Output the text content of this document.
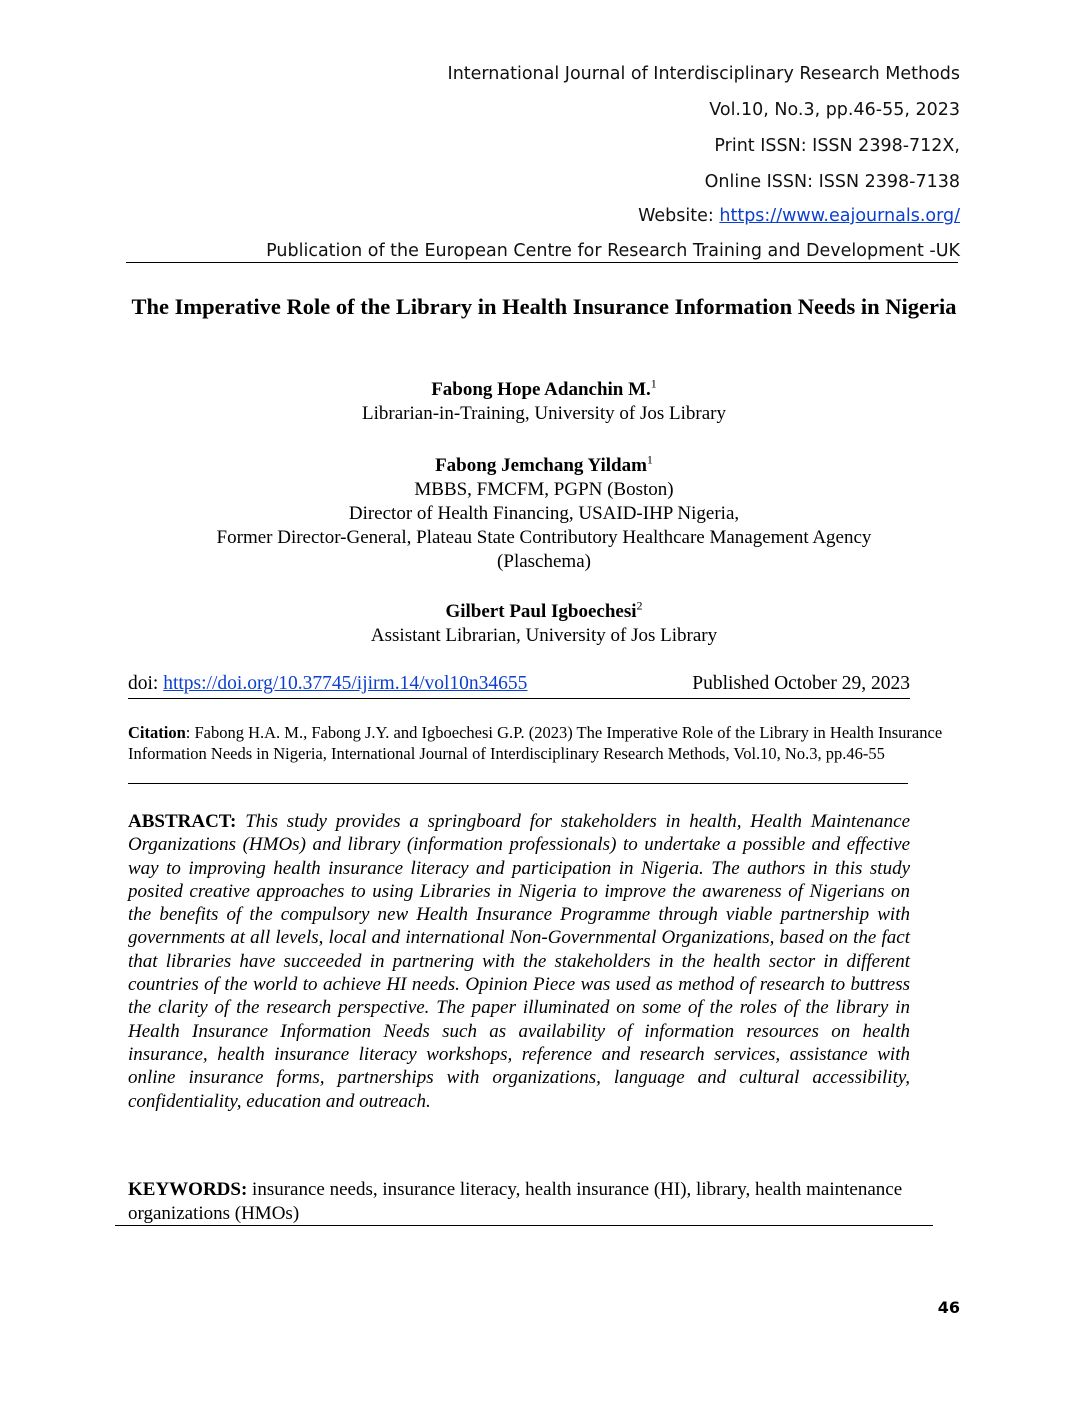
International Journal of Interdisciplinary Research Methods
Vol.10, No.3, pp.46-55, 2023
Print ISSN: ISSN 2398-712X,
Online ISSN: ISSN 2398-7138
Website: https://www.eajournals.org/
Publication of the European Centre for Research Training and Development -UK
The Imperative Role of the Library in Health Insurance Information Needs in Nigeria
Fabong Hope Adanchin M.$^1$
Librarian-in-Training, University of Jos Library
Fabong Jemchang Yildam$^1$
MBBS, FMCFM, PGPN (Boston)
Director of Health Financing, USAID-IHP Nigeria,
Former Director-General, Plateau State Contributory Healthcare Management Agency
(Plaschema)
Gilbert Paul Igboechesi$^2$
Assistant Librarian, University of Jos Library
doi: https://doi.org/10.37745/ijirm.14/vol10n34655	Published October 29, 2023
Citation: Fabong H.A. M., Fabong J.Y. and Igboechesi G.P. (2023) The Imperative Role of the Library in Health Insurance Information Needs in Nigeria, International Journal of Interdisciplinary Research Methods, Vol.10, No.3, pp.46-55
ABSTRACT: This study provides a springboard for stakeholders in health, Health Maintenance Organizations (HMOs) and library (information professionals) to undertake a possible and effective way to improving health insurance literacy and participation in Nigeria. The authors in this study posited creative approaches to using Libraries in Nigeria to improve the awareness of Nigerians on the benefits of the compulsory new Health Insurance Programme through viable partnership with governments at all levels, local and international Non-Governmental Organizations, based on the fact that libraries have succeeded in partnering with the stakeholders in the health sector in different countries of the world to achieve HI needs. Opinion Piece was used as method of research to buttress the clarity of the research perspective. The paper illuminated on some of the roles of the library in Health Insurance Information Needs such as availability of information resources on health insurance, health insurance literacy workshops, reference and research services, assistance with online insurance forms, partnerships with organizations, language and cultural accessibility, confidentiality, education and outreach.
KEYWORDS: insurance needs, insurance literacy, health insurance (HI), library, health maintenance organizations (HMOs)
46
